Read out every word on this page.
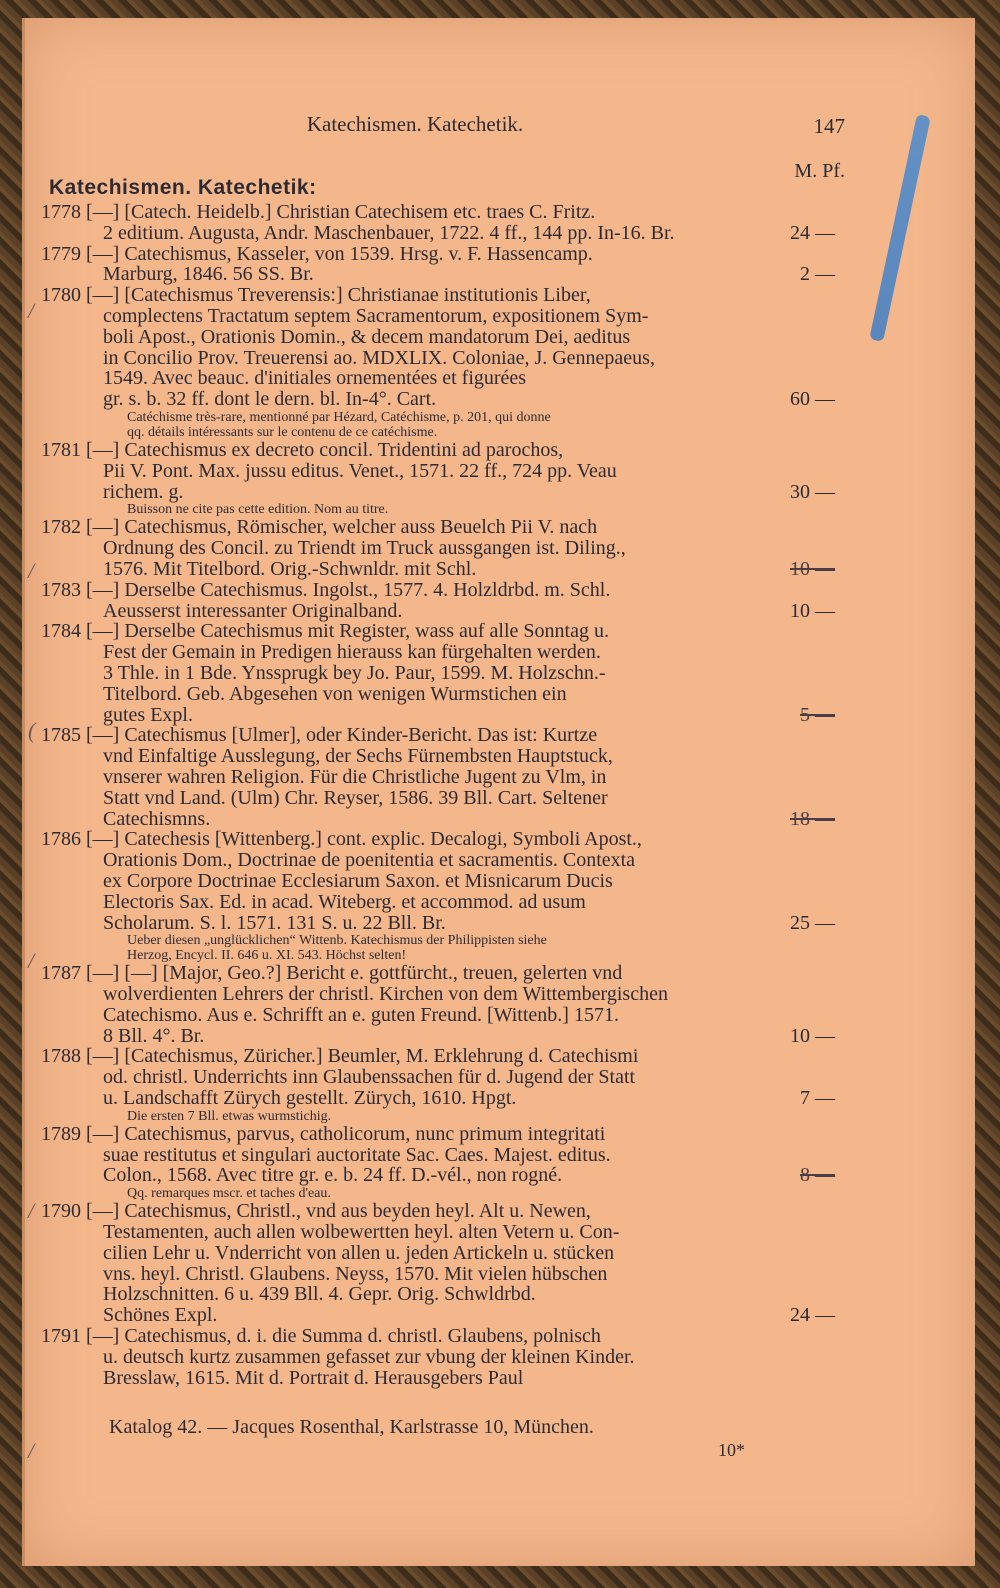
/
/
(
/
/
/
Katechismen. Katechetik.	147
M. Pf.
Katechismen. Katechetik:
1778 [—] [Catech. Heidelb.] Christian Catechisem etc. traes C. Fritz.
2 editium. Augusta, Andr. Maschenbauer, 1722. 4 ff., 144 pp. In-16. Br.	24 —
1779 [—] Catechismus, Kasseler, von 1539. Hrsg. v. F. Hassencamp.
Marburg, 1846. 56 SS. Br.	2 —
1780 [—] [Catechismus Treverensis:] Christianae institutionis Liber,
complectens Tractatum septem Sacramentorum, expositionem Sym-
boli Apost., Orationis Domin., & decem mandatorum Dei, aeditus
in Concilio Prov. Treuerensi ao. MDXLIX. Coloniae, J. Gennepaeus,
1549. Avec beauc. d'initiales ornementées et figurées
gr. s. b. 32 ff. dont le dern. bl. In-4°. Cart.	60 —
Catéchisme très-rare, mentionné par Hézard, Catéchisme, p. 201, qui donne
qq. détails intéressants sur le contenu de ce catéchisme.
1781 [—] Catechismus ex decreto concil. Tridentini ad parochos,
Pii V. Pont. Max. jussu editus. Venet., 1571. 22 ff., 724 pp. Veau
richem. g.	30 —
Buisson ne cite pas cette edition. Nom au titre.
1782 [—] Catechismus, Römischer, welcher auss Beuelch Pii V. nach
Ordnung des Concil. zu Triendt im Truck aussgangen ist. Diling.,
1576. Mit Titelbord. Orig.-Schwnldr. mit Schl.	10 —
1783 [—] Derselbe Catechismus. Ingolst., 1577. 4. Holzldrbd. m. Schl.
Aeusserst interessanter Originalband.	10 —
1784 [—] Derselbe Catechismus mit Register, wass auf alle Sonntag u.
Fest der Gemain in Predigen hierauss kan fürgehalten werden.
3 Thle. in 1 Bde. Ynssprugk bey Jo. Paur, 1599. M. Holzschn.-
Titelbord. Geb. Abgesehen von wenigen Wurmstichen ein
gutes Expl.	5 —
1785 [—] Catechismus [Ulmer], oder Kinder-Bericht. Das ist: Kurtze
vnd Einfaltige Ausslegung, der Sechs Fürnembsten Hauptstuck,
vnserer wahren Religion. Für die Christliche Jugent zu Vlm, in
Statt vnd Land. (Ulm) Chr. Reyser, 1586. 39 Bll. Cart. Seltener
Catechismns.	18 —
1786 [—] Catechesis [Wittenberg.] cont. explic. Decalogi, Symboli Apost.,
Orationis Dom., Doctrinae de poenitentia et sacramentis. Contexta
ex Corpore Doctrinae Ecclesiarum Saxon. et Misnicarum Ducis
Electoris Sax. Ed. in acad. Witeberg. et accommod. ad usum
Scholarum. S. l. 1571. 131 S. u. 22 Bll. Br.	25 —
Ueber diesen „unglücklichen“ Wittenb. Katechismus der Philippisten siehe
Herzog, Encycl. II. 646 u. XI. 543. Höchst selten!
1787 [—] [—] [Major, Geo.?] Bericht e. gottfürcht., treuen, gelerten vnd
wolverdienten Lehrers der christl. Kirchen von dem Wittembergischen
Catechismo. Aus e. Schrifft an e. guten Freund. [Wittenb.] 1571.
8 Bll. 4°. Br.	10 —
1788 [—] [Catechismus, Züricher.] Beumler, M. Erklehrung d. Catechismi
od. christl. Underrichts inn Glaubenssachen für d. Jugend der Statt
u. Landschafft Zürych gestellt. Zürych, 1610. Hpgt.	7 —
Die ersten 7 Bll. etwas wurmstichig.
1789 [—] Catechismus, parvus, catholicorum, nunc primum integritati
suae restitutus et singulari auctoritate Sac. Caes. Majest. editus.
Colon., 1568. Avec titre gr. e. b. 24 ff. D.-vél., non rogné.	8 —
Qq. remarques mscr. et taches d'eau.
1790 [—] Catechismus, Christl., vnd aus beyden heyl. Alt u. Newen,
Testamenten, auch allen wolbewertten heyl. alten Vetern u. Con-
cilien Lehr u. Vnderricht von allen u. jeden Artickeln u. stücken
vns. heyl. Christl. Glaubens. Neyss, 1570. Mit vielen hübschen
Holzschnitten. 6 u. 439 Bll. 4. Gepr. Orig. Schwldrbd.
Schönes Expl.	24 —
1791 [—] Catechismus, d. i. die Summa d. christl. Glaubens, polnisch
u. deutsch kurtz zusammen gefasset zur vbung der kleinen Kinder.
Bresslaw, 1615. Mit d. Portrait d. Herausgebers Paul
Katalog 42. — Jacques Rosenthal, Karlstrasse 10, München.
10*
